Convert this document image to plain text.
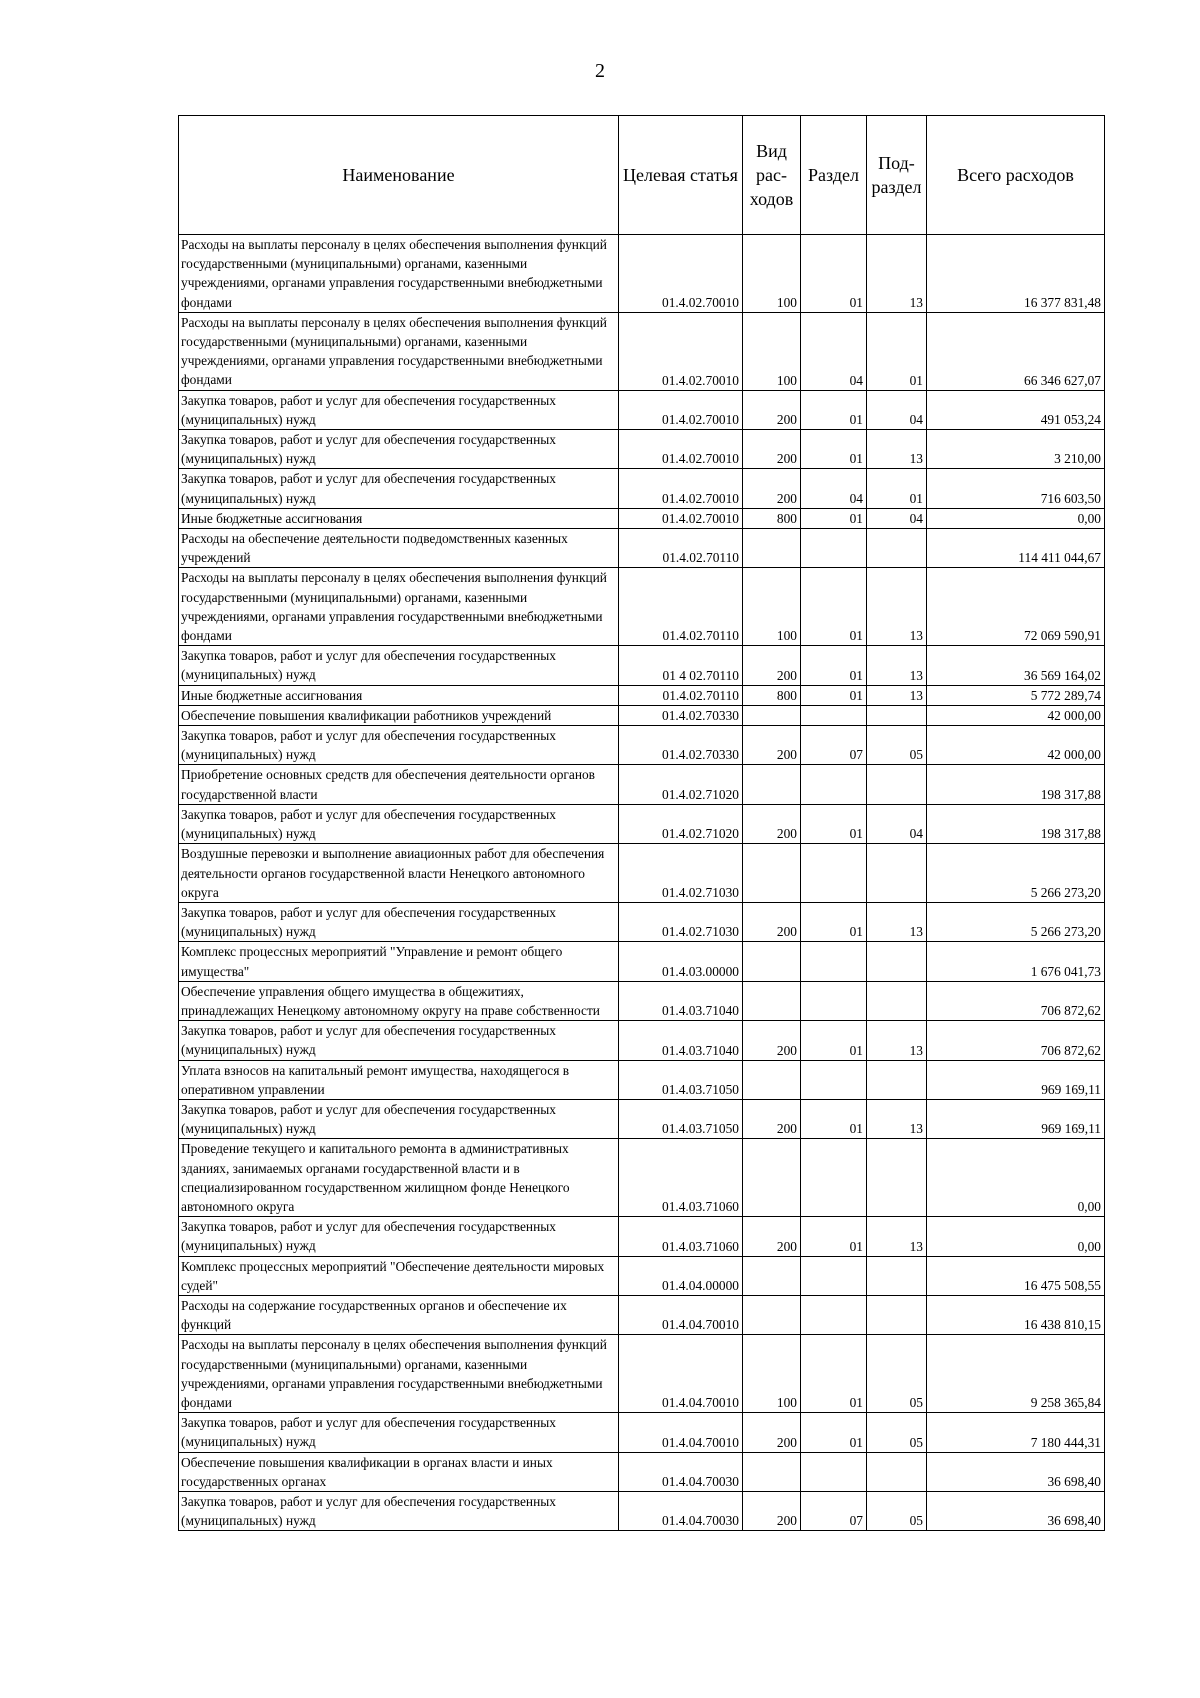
2
Наименование	Целевая статья	Вид рас-ходов	Раздел	Под-раздел	Всего расходов
Расходы на выплаты персоналу в целях обеспечения выполнения функций государственными (муниципальными) органами, казенными учреждениями, органами управления государственными внебюджетными фондами	01.4.02.70010	100	01	13	16 377 831,48
Расходы на выплаты персоналу в целях обеспечения выполнения функций государственными (муниципальными) органами, казенными учреждениями, органами управления государственными внебюджетными фондами	01.4.02.70010	100	04	01	66 346 627,07
Закупка товаров, работ и услуг для обеспечения государственных (муниципальных) нужд	01.4.02.70010	200	01	04	491 053,24
Закупка товаров, работ и услуг для обеспечения государственных (муниципальных) нужд	01.4.02.70010	200	01	13	3 210,00
Закупка товаров, работ и услуг для обеспечения государственных (муниципальных) нужд	01.4.02.70010	200	04	01	716 603,50
Иные бюджетные ассигнования	01.4.02.70010	800	01	04	0,00
Расходы на обеспечение деятельности подведомственных казенных учреждений	01.4.02.70110				114 411 044,67
Расходы на выплаты персоналу в целях обеспечения выполнения функций государственными (муниципальными) органами, казенными учреждениями, органами управления государственными внебюджетными фондами	01.4.02.70110	100	01	13	72 069 590,91
Закупка товаров, работ и услуг для обеспечения государственных (муниципальных) нужд	01 4 02.70110	200	01	13	36 569 164,02
Иные бюджетные ассигнования	01.4.02.70110	800	01	13	5 772 289,74
Обеспечение повышения квалификации работников учреждений	01.4.02.70330				42 000,00
Закупка товаров, работ и услуг для обеспечения государственных (муниципальных) нужд	01.4.02.70330	200	07	05	42 000,00
Приобретение основных средств для обеспечения деятельности органов государственной власти	01.4.02.71020				198 317,88
Закупка товаров, работ и услуг для обеспечения государственных (муниципальных) нужд	01.4.02.71020	200	01	04	198 317,88
Воздушные перевозки и выполнение авиационных работ для обеспечения деятельности органов государственной власти Ненецкого автономного округа	01.4.02.71030				5 266 273,20
Закупка товаров, работ и услуг для обеспечения государственных (муниципальных) нужд	01.4.02.71030	200	01	13	5 266 273,20
Комплекс процессных мероприятий "Управление и ремонт общего имущества"	01.4.03.00000				1 676 041,73
Обеспечение управления общего имущества в общежитиях, принадлежащих Ненецкому автономному округу на праве собственности	01.4.03.71040				706 872,62
Закупка товаров, работ и услуг для обеспечения государственных (муниципальных) нужд	01.4.03.71040	200	01	13	706 872,62
Уплата взносов на капитальный ремонт имущества, находящегося в оперативном управлении	01.4.03.71050				969 169,11
Закупка товаров, работ и услуг для обеспечения государственных (муниципальных) нужд	01.4.03.71050	200	01	13	969 169,11
Проведение текущего и капитального ремонта в административных зданиях, занимаемых органами государственной власти и в специализированном государственном жилищном фонде Ненецкого автономного округа	01.4.03.71060				0,00
Закупка товаров, работ и услуг для обеспечения государственных (муниципальных) нужд	01.4.03.71060	200	01	13	0,00
Комплекс процессных мероприятий "Обеспечение деятельности мировых судей"	01.4.04.00000				16 475 508,55
Расходы на содержание государственных органов и обеспечение их функций	01.4.04.70010				16 438 810,15
Расходы на выплаты персоналу в целях обеспечения выполнения функций государственными (муниципальными) органами, казенными учреждениями, органами управления государственными внебюджетными фондами	01.4.04.70010	100	01	05	9 258 365,84
Закупка товаров, работ и услуг для обеспечения государственных (муниципальных) нужд	01.4.04.70010	200	01	05	7 180 444,31
Обеспечение повышения квалификации в органах власти и иных государственных органах	01.4.04.70030				36 698,40
Закупка товаров, работ и услуг для обеспечения государственных (муниципальных) нужд	01.4.04.70030	200	07	05	36 698,40
